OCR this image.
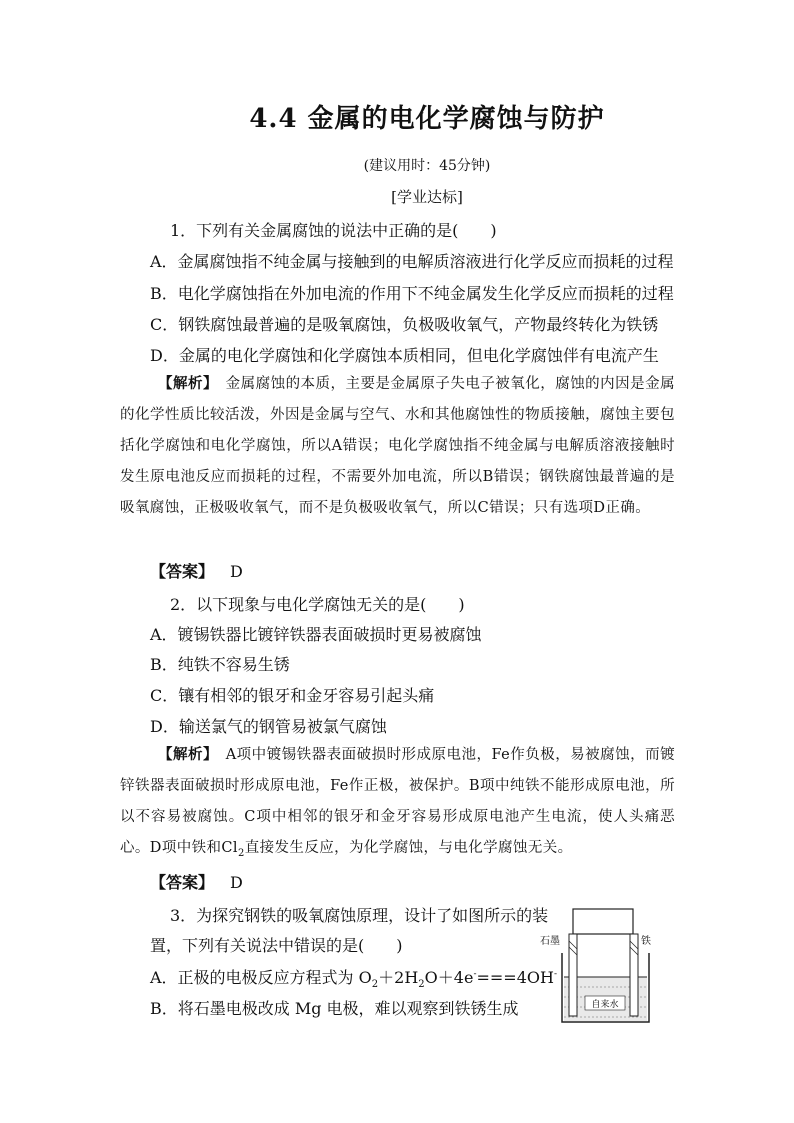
4.4 金属的电化学腐蚀与防护
(建议用时：45分钟)
[学业达标]
1．下列有关金属腐蚀的说法中正确的是(　　)
A．金属腐蚀指不纯金属与接触到的电解质溶液进行化学反应而损耗的过程
B．电化学腐蚀指在外加电流的作用下不纯金属发生化学反应而损耗的过程
C．钢铁腐蚀最普遍的是吸氧腐蚀，负极吸收氧气，产物最终转化为铁锈
D．金属的电化学腐蚀和化学腐蚀本质相同，但电化学腐蚀伴有电流产生
【解析】　 金属腐蚀的本质，主要是金属原子失电子被氧化，腐蚀的内因是金属的化学性质比较活泼，外因是金属与空气、水和其他腐蚀性的物质接触，腐蚀主要包括化学腐蚀和电化学腐蚀，所以A错误；电化学腐蚀指不纯金属与电解质溶液接触时发生原电池反应而损耗的过程，不需要外加电流，所以B错误；钢铁腐蚀最普遍的是吸氧腐蚀，正极吸收氧气，而不是负极吸收氧气，所以C错误；只有选项D正确。
【答案】  D
2．以下现象与电化学腐蚀无关的是(　　)
A．镀锡铁器比镀锌铁器表面破损时更易被腐蚀
B．纯铁不容易生锈
C．镶有相邻的银牙和金牙容易引起头痛
D．输送氯气的钢管易被氯气腐蚀
【解析】　 A项中镀锡铁器表面破损时形成原电池，Fe作负极，易被腐蚀，而镀锌铁器表面破损时形成原电池，Fe作正极，被保护。B项中纯铁不能形成原电池，所以不容易被腐蚀。C项中相邻的银牙和金牙容易形成原电池产生电流，使人头痛恶心。D项中铁和$Cl_2$直接发生反应，为化学腐蚀，与电化学腐蚀无关。
【答案】  D
3．为探究钢铁的吸氧腐蚀原理，设计了如图所示的装
置，下列有关说法中错误的是(　　)
A．正极的电极反应方程式为 $O_2+2H_2O+4e^-===4OH^-$
B．将石墨电极改成 Mg 电极，难以观察到铁锈生成
石墨	铁
自来水
